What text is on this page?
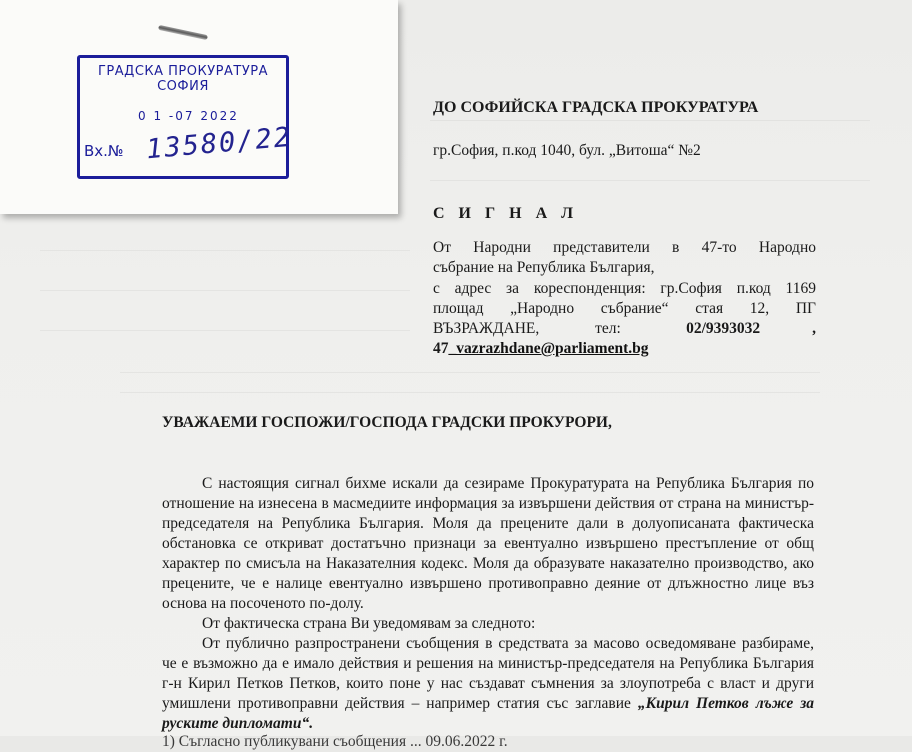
ГРАДСКА ПРОКУРАТУРА
СОФИЯ
0 1 -07 2022
Вх.№ 13580/22
ДО СОФИЙСКА ГРАДСКА ПРОКУРАТУРА
гр.София, п.код 1040, бул. „Витоша“ №2
С И Г Н А Л
От Народни представители в 47-то Народно
събрание на Република България,
с адрес за кореспонденция: гр.София п.код 1169
площад „Народно събрание“ стая 12, ПГ
ВЪЗРАЖДАНЕ, тел:	02/9393032	,
47_vazrazhdane@parliament.bg
УВАЖАЕМИ ГОСПОЖИ/ГОСПОДА ГРАДСКИ ПРОКУРОРИ,
С настоящия сигнал бихме искали да сезираме Прокуратурата на Република България по
отношение на изнесена в масмедиите информация за извършени действия от страна на министър-
председателя на Република България. Моля да прецените дали в долуописаната фактическа
обстановка се откриват достатъчно признаци за евентуално извършено престъпление от общ
характер по смисъла на Наказателния кодекс. Моля да образувате наказателно производство, ако
прецените, че е налице евентуално извършено противоправно деяние от длъжностно лице въз
основа на посоченото по-долу.
От фактическа страна Ви уведомявам за следното:
От публично разпространени съобщения в средствата за масово осведомяване разбираме,
че е възможно да е имало действия и решения на министър-председателя на Република България
г-н Кирил Петков Петков, които поне у нас създават съмнения за злоупотреба с власт и други
умишлени противоправни действия – например статия със заглавие „Кирил Петков лъже за
руските дипломати“.
1) Съгласно публикувани съобщения ... 09.06.2022 г.
